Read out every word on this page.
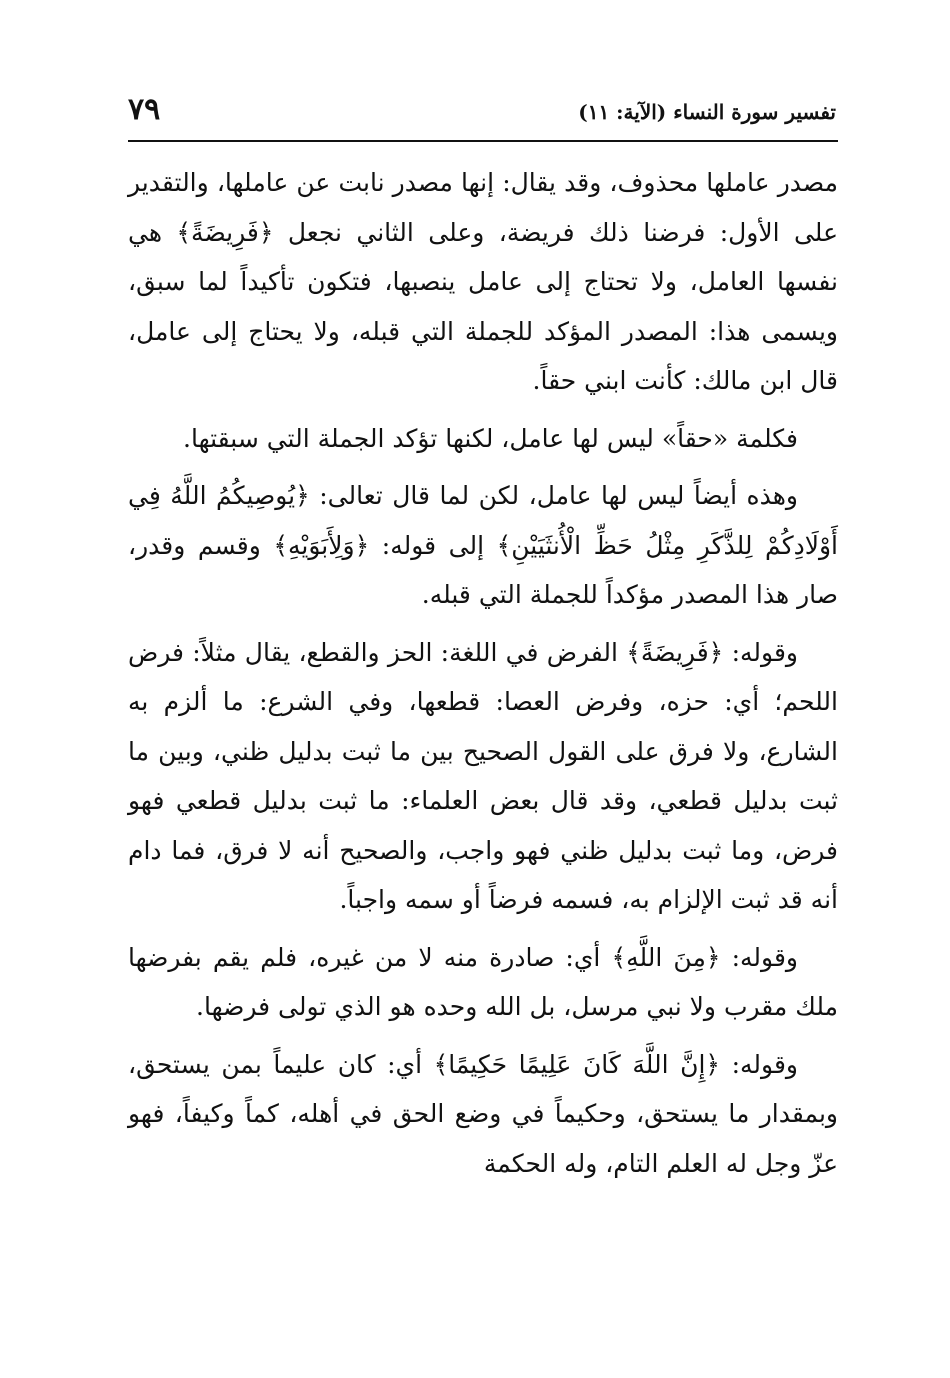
تفسير سورة النساء (الآية: ١١)
٧٩

مصدر عاملها محذوف، وقد يقال: إنها مصدر نابت عن عاملها، والتقدير على الأول: فرضنا ذلك فريضة، وعلى الثاني نجعل ﴿فَرِيضَةً﴾ هي نفسها العامل، ولا تحتاج إلى عامل ينصبها، فتكون تأكيداً لما سبق، ويسمى هذا: المصدر المؤكد للجملة التي قبله، ولا يحتاج إلى عامل، قال ابن مالك: كأنت ابني حقاً.

فكلمة «حقاً» ليس لها عامل، لكنها تؤكد الجملة التي سبقتها.

وهذه أيضاً ليس لها عامل، لكن لما قال تعالى: ﴿يُوصِيكُمُ اللَّهُ فِي أَوْلَادِكُمْ لِلذَّكَرِ مِثْلُ حَظِّ الْأُنثَيَيْنِ﴾ إلى قوله: ﴿وَلِأَبَوَيْهِ﴾ وقسم وقدر، صار هذا المصدر مؤكداً للجملة التي قبله.

وقوله: ﴿فَرِيضَةً﴾ الفرض في اللغة: الحز والقطع، يقال مثلاً: فرض اللحم؛ أي: حزه، وفرض العصا: قطعها، وفي الشرع: ما ألزم به الشارع، ولا فرق على القول الصحيح بين ما ثبت بدليل ظني، وبين ما ثبت بدليل قطعي، وقد قال بعض العلماء: ما ثبت بدليل قطعي فهو فرض، وما ثبت بدليل ظني فهو واجب، والصحيح أنه لا فرق، فما دام أنه قد ثبت الإلزام به، فسمه فرضاً أو سمه واجباً.

وقوله: ﴿مِنَ اللَّهِ﴾ أي: صادرة منه لا من غيره، فلم يقم بفرضها ملك مقرب ولا نبي مرسل، بل الله وحده هو الذي تولى فرضها.

وقوله: ﴿إِنَّ اللَّهَ كَانَ عَلِيمًا حَكِيمًا﴾ أي: كان عليماً بمن يستحق، وبمقدار ما يستحق، وحكيماً في وضع الحق في أهله، كماً وكيفاً، فهو عزّ وجل له العلم التام، وله الحكمة
